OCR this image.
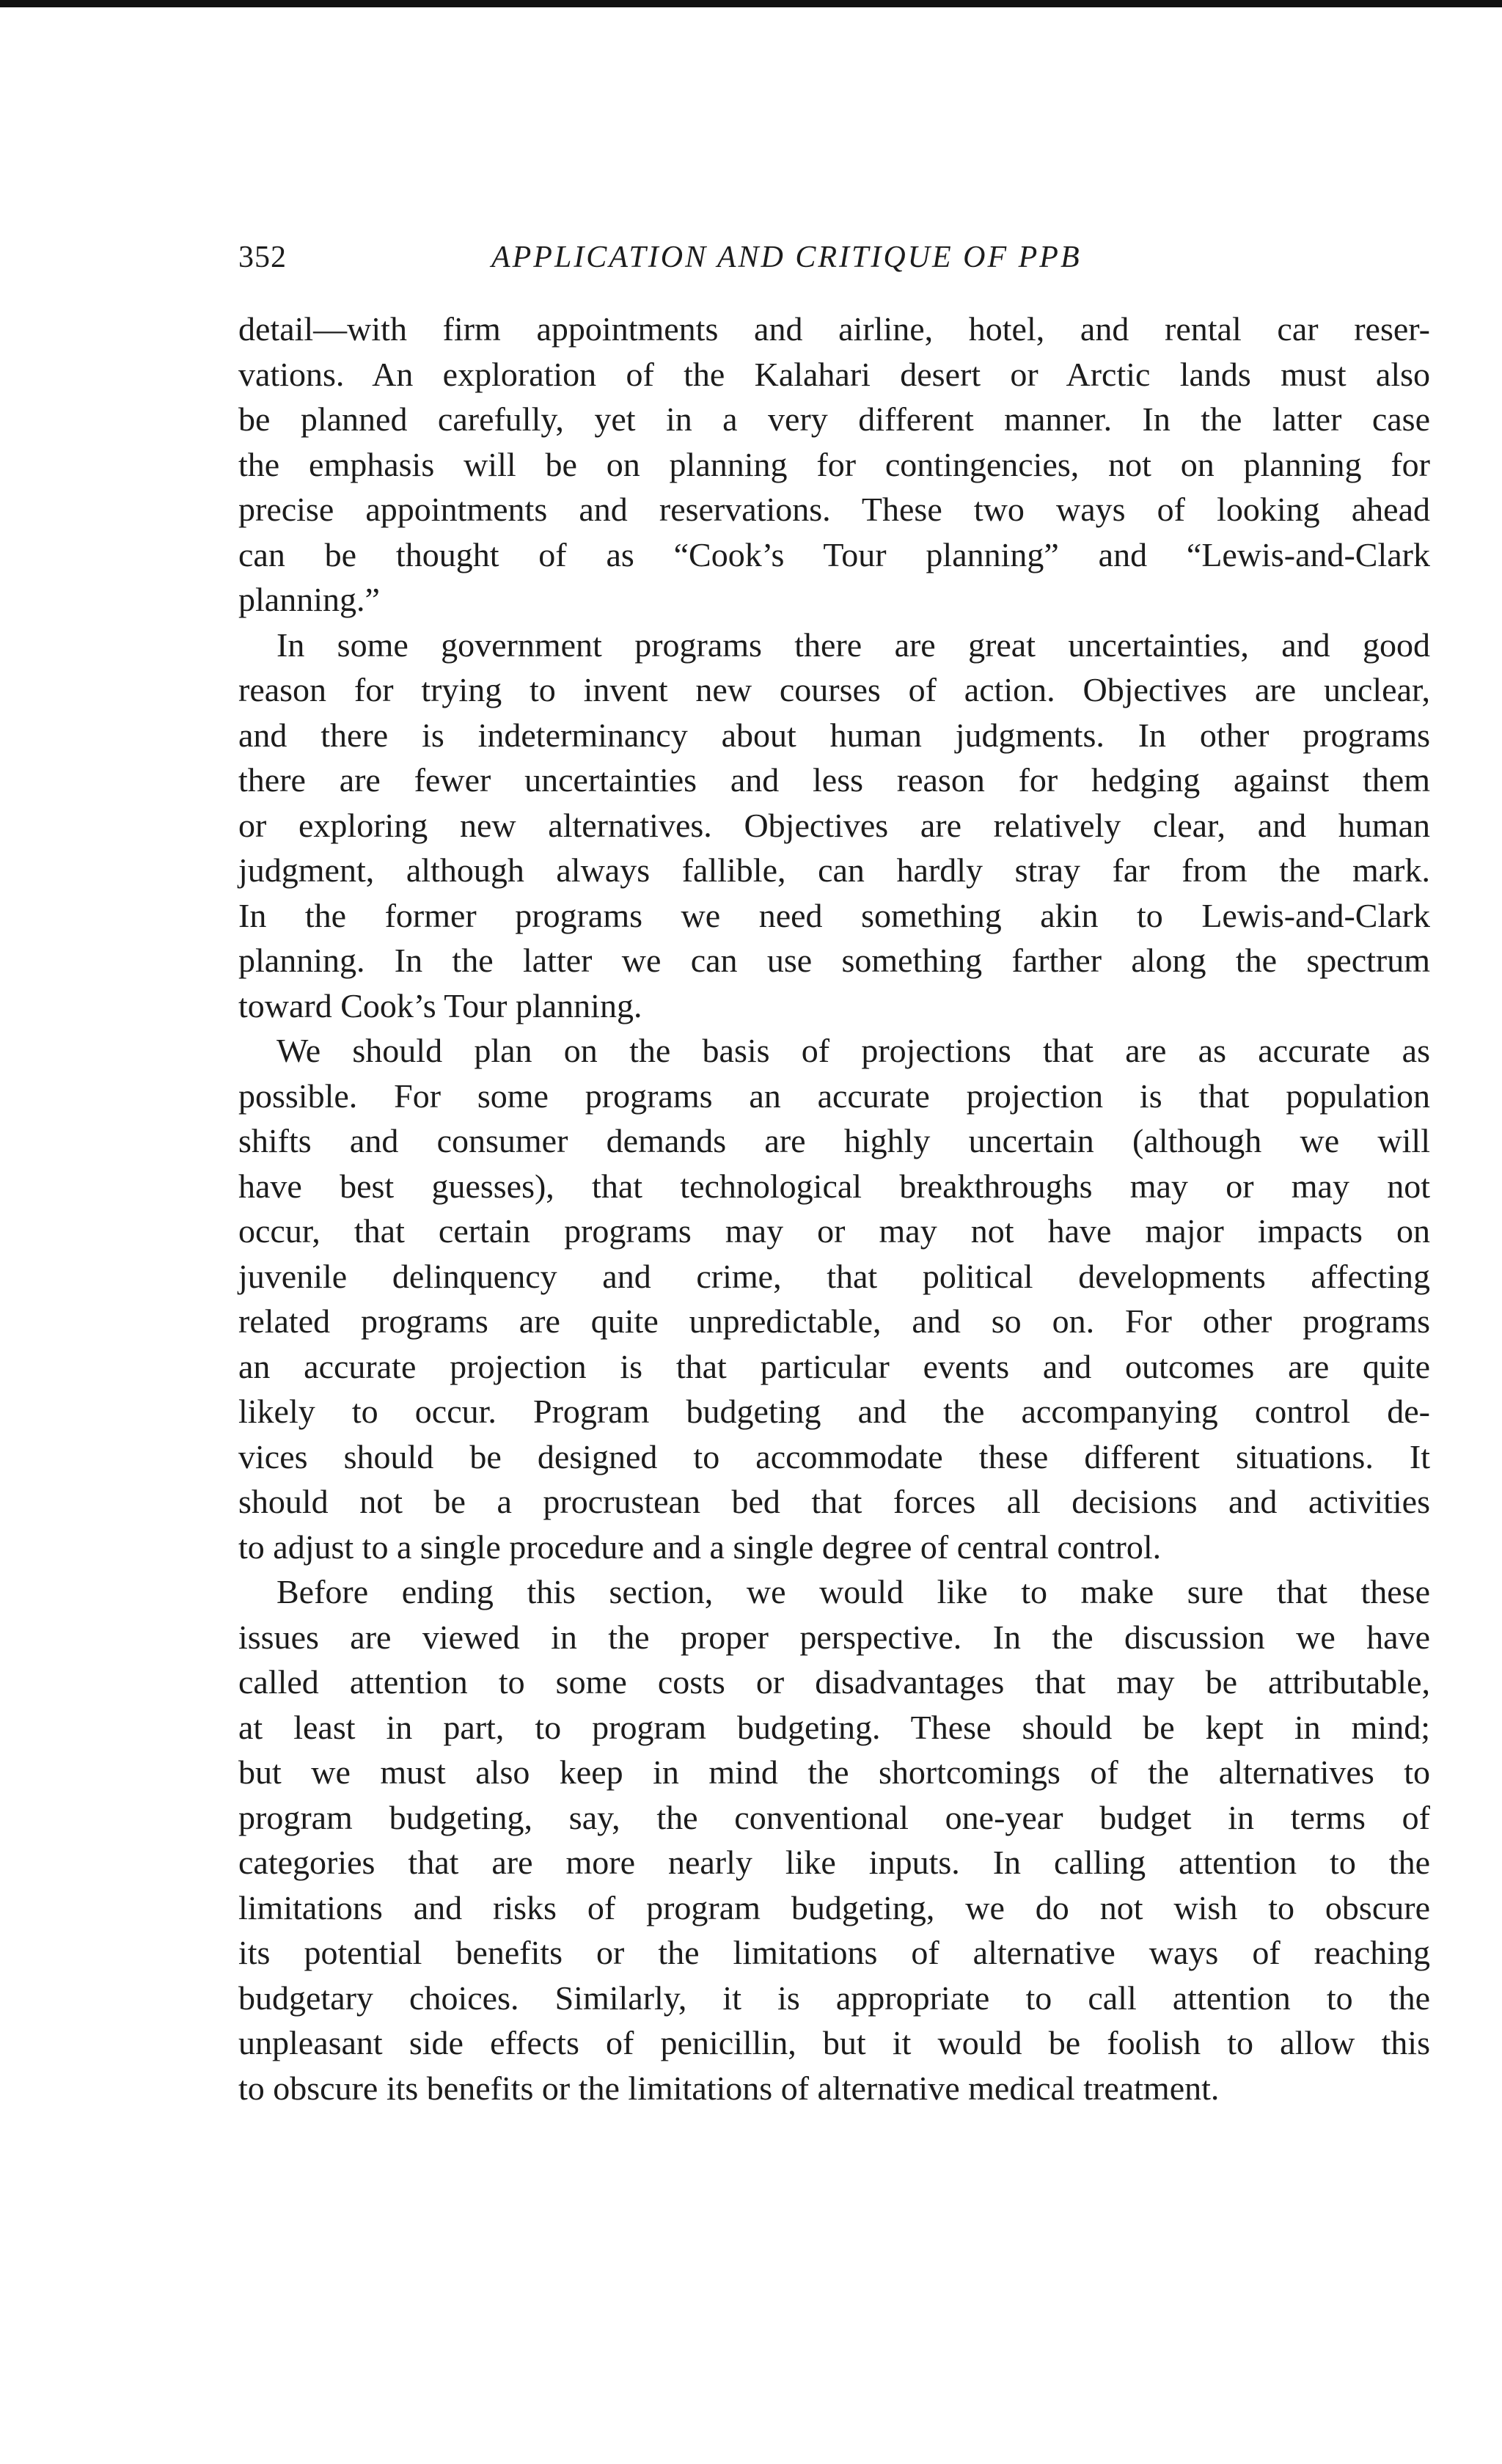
352	APPLICATION AND CRITIQUE OF PPB
detail—with firm appointments and airline, hotel, and rental car reser-
vations. An exploration of the Kalahari desert or Arctic lands must also
be planned carefully, yet in a very different manner. In the latter case
the emphasis will be on planning for contingencies, not on planning for
precise appointments and reservations. These two ways of looking ahead
can be thought of as “Cook’s Tour planning” and “Lewis-and-Clark
planning.”
In some government programs there are great uncertainties, and good
reason for trying to invent new courses of action. Objectives are unclear,
and there is indeterminancy about human judgments. In other programs
there are fewer uncertainties and less reason for hedging against them
or exploring new alternatives. Objectives are relatively clear, and human
judgment, although always fallible, can hardly stray far from the mark.
In the former programs we need something akin to Lewis-and-Clark
planning. In the latter we can use something farther along the spectrum
toward Cook’s Tour planning.
We should plan on the basis of projections that are as accurate as
possible. For some programs an accurate projection is that population
shifts and consumer demands are highly uncertain (although we will
have best guesses), that technological breakthroughs may or may not
occur, that certain programs may or may not have major impacts on
juvenile delinquency and crime, that political developments affecting
related programs are quite unpredictable, and so on. For other programs
an accurate projection is that particular events and outcomes are quite
likely to occur. Program budgeting and the accompanying control de-
vices should be designed to accommodate these different situations. It
should not be a procrustean bed that forces all decisions and activities
to adjust to a single procedure and a single degree of central control.
Before ending this section, we would like to make sure that these
issues are viewed in the proper perspective. In the discussion we have
called attention to some costs or disadvantages that may be attributable,
at least in part, to program budgeting. These should be kept in mind;
but we must also keep in mind the shortcomings of the alternatives to
program budgeting, say, the conventional one-year budget in terms of
categories that are more nearly like inputs. In calling attention to the
limitations and risks of program budgeting, we do not wish to obscure
its potential benefits or the limitations of alternative ways of reaching
budgetary choices. Similarly, it is appropriate to call attention to the
unpleasant side effects of penicillin, but it would be foolish to allow this
to obscure its benefits or the limitations of alternative medical treatment.
